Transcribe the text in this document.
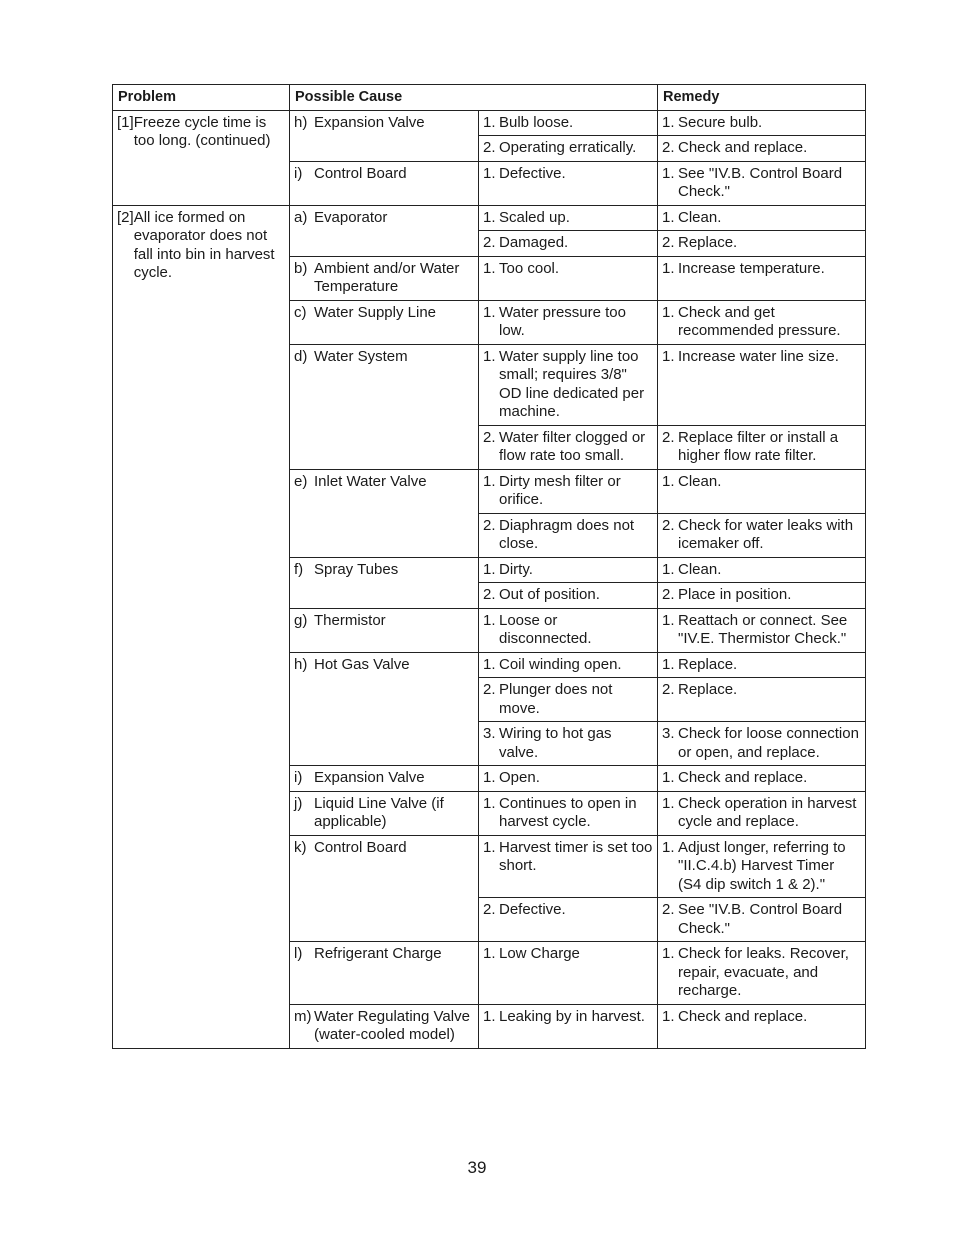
Problem	Possible Cause		Remedy

[1] Freeze cycle time is too long. (continued)	h) Expansion Valve	1. Bulb loose.	1. Secure bulb.

		2. Operating erratically.	2. Check and replace.

	i) Control Board	1. Defective.	1. See "IV.B. Control Board Check."

[2] All ice formed on evaporator does not fall into bin in harvest cycle.	a) Evaporator	1. Scaled up.	1. Clean.

		2. Damaged.	2. Replace.

	b) Ambient and/or Water Temperature	1. Too cool.	1. Increase temperature.

	c) Water Supply Line	1. Water pressure too low.	1. Check and get recommended pressure.

	d) Water System	1. Water supply line too small; requires 3/8" OD line dedicated per machine.	1. Increase water line size.

		2. Water filter clogged or flow rate too small.	2. Replace filter or install a higher flow rate filter.

	e) Inlet Water Valve	1. Dirty mesh filter or orifice.	1. Clean.

		2. Diaphragm does not close.	2. Check for water leaks with icemaker off.

	f) Spray Tubes	1. Dirty.	1. Clean.

		2. Out of position.	2. Place in position.

	g) Thermistor	1. Loose or disconnected.	1. Reattach or connect. See "IV.E. Thermistor Check."

	h) Hot Gas Valve	1. Coil winding open.	1. Replace.

		2. Plunger does not move.	2. Replace.

		3. Wiring to hot gas valve.	3. Check for loose connection or open, and replace.

	i) Expansion Valve	1. Open.	1. Check and replace.

	j) Liquid Line Valve (if applicable)	1. Continues to open in harvest cycle.	1. Check operation in harvest cycle and replace.

	k) Control Board	1. Harvest timer is set too short.	1. Adjust longer, referring to "II.C.4.b) Harvest Timer (S4 dip switch 1 & 2)."

		2. Defective.	2. See "IV.B. Control Board Check."

	l) Refrigerant Charge	1. Low Charge	1. Check for leaks. Recover, repair, evacuate, and recharge.

	m) Water Regulating Valve (water-cooled model)	1. Leaking by in harvest.	1. Check and replace.
39
